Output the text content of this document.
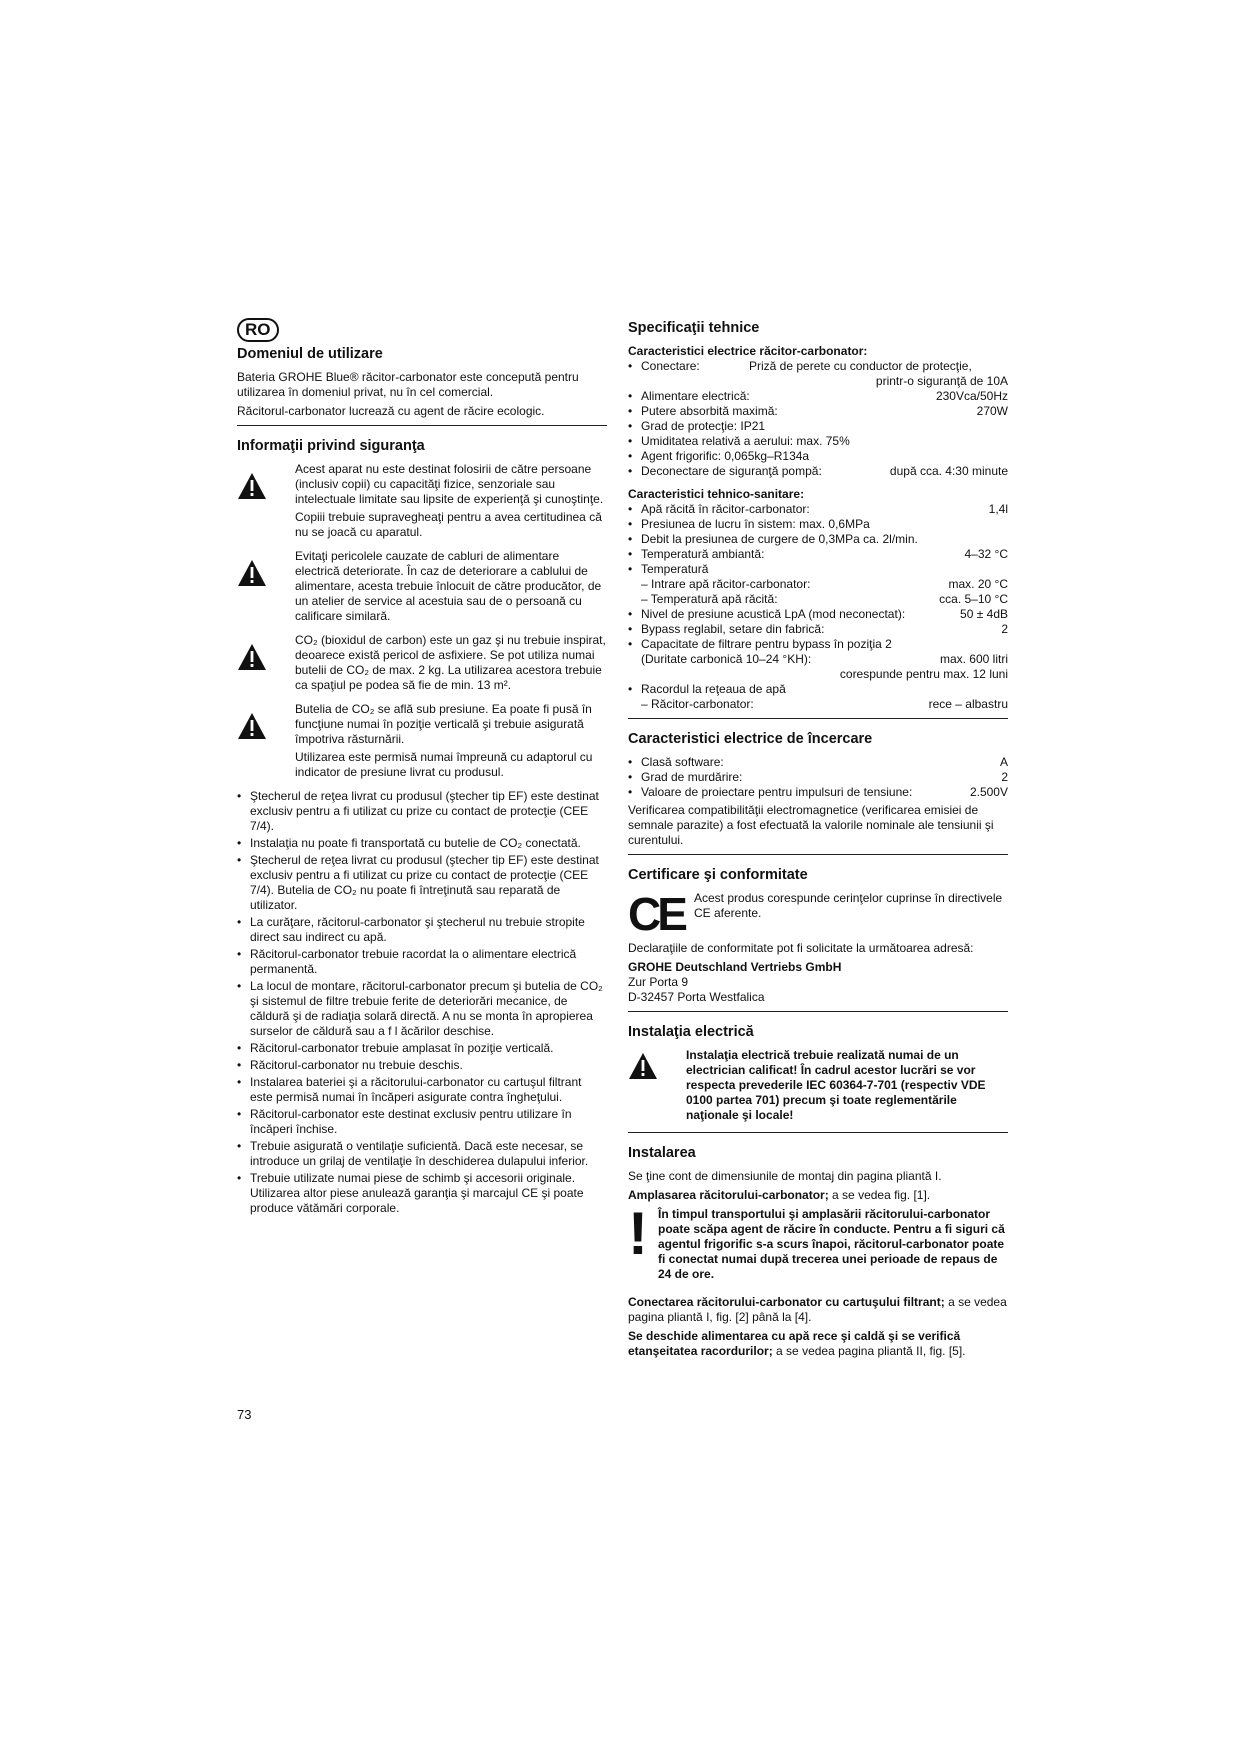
RO
Domeniul de utilizare

Bateria GROHE Blue® răcitor-carbonator este concepută pentru utilizarea în domeniul privat, nu în cel comercial.

Răcitorul-carbonator lucrează cu agent de răcire ecologic.

Informaţii privind siguranţa

Acest aparat nu este destinat folosirii de către persoane (inclusiv copii) cu capacităţi fizice, senzoriale sau intelectuale limitate sau lipsite de experienţă şi cunoştinţe.

Copiii trebuie supravegheaţi pentru a avea certitudinea că nu se joacă cu aparatul.

Evitaţi pericolele cauzate de cabluri de alimentare electrică deteriorate. În caz de deteriorare a cablului de alimentare, acesta trebuie înlocuit de către producător, de un atelier de service al acestuia sau de o persoană cu calificare similară.

CO₂ (bioxidul de carbon) este un gaz şi nu trebuie inspirat, deoarece există pericol de asfixiere. Se pot utiliza numai butelii de CO₂ de max. 2 kg. La utilizarea acestora trebuie ca spaţiul pe podea să fie de min. 13 m².

Butelia de CO₂ se află sub presiune. Ea poate fi pusă în funcţiune numai în poziţie verticală şi trebuie asigurată împotriva răsturnării.

Utilizarea este permisă numai împreună cu adaptorul cu indicator de presiune livrat cu produsul.

• Ştecherul de reţea livrat cu produsul (ştecher tip EF) este destinat exclusiv pentru a fi utilizat cu prize cu contact de protecţie (CEE 7/4).
• Instalaţia nu poate fi transportată cu butelie de CO₂ conectată.
• Ştecherul de reţea livrat cu produsul (ştecher tip EF) este destinat exclusiv pentru a fi utilizat cu prize cu contact de protecţie (CEE 7/4). Butelia de CO₂ nu poate fi întreţinută sau reparată de utilizator.
• La curăţare, răcitorul-carbonator şi ştecherul nu trebuie stropite direct sau indirect cu apă.
• Răcitorul-carbonator trebuie racordat la o alimentare electrică permanentă.
• La locul de montare, răcitorul-carbonator precum şi butelia de CO₂ şi sistemul de filtre trebuie ferite de deteriorări mecanice, de căldură şi de radiaţia solară directă. A nu se monta în apropierea surselor de căldură sau a f l ăcărilor deschise.
• Răcitorul-carbonator trebuie amplasat în poziţie verticală.
• Răcitorul-carbonator nu trebuie deschis.
• Instalarea bateriei şi a răcitorului-carbonator cu cartuşul filtrant este permisă numai în încăperi asigurate contra îngheţului.
• Răcitorul-carbonator este destinat exclusiv pentru utilizare în încăperi închise.
• Trebuie asigurată o ventilaţie suficientă. Dacă este necesar, se introduce un grilaj de ventilaţie în deschiderea dulapului inferior.
• Trebuie utilizate numai piese de schimb şi accesorii originale. Utilizarea altor piese anulează garanţia şi marcajul CE şi poate produce vătămări corporale.
Specificaţii tehnice
Caracteristici electrice răcitor-carbonator:
• Conectare:	Priză de perete cu conductor de protecţie,
printr-o siguranţă de 10A
• Alimentare electrică:	230Vca/50Hz
• Putere absorbită maximă:	270W
• Grad de protecţie: IP21
• Umiditatea relativă a aerului: max. 75%
• Agent frigorific: 0,065kg–R134a
• Deconectare de siguranţă pompă:	după cca. 4:30 minute
Caracteristici tehnico-sanitare:
• Apă răcită în răcitor-carbonator:	1,4l
• Presiunea de lucru în sistem: max. 0,6MPa
• Debit la presiunea de curgere de 0,3MPa ca. 2l/min.
• Temperatură ambiantă:	4–32 °C
• Temperatură
– Intrare apă răcitor-carbonator:	max. 20 °C
– Temperatură apă răcită:	cca. 5–10 °C
• Nivel de presiune acustică LpA (mod neconectat):	50 ± 4dB
• Bypass reglabil, setare din fabrică:	2
• Capacitate de filtrare pentru bypass în poziţia 2
(Duritate carbonică 10–24 °KH):	max. 600 litri
corespunde pentru max. 12 luni
• Racordul la reţeaua de apă
– Răcitor-carbonator:	rece – albastru
Caracteristici electrice de încercare
• Clasă software:	A
• Grad de murdărire:	2
• Valoare de proiectare pentru impulsuri de tensiune:	2.500V

Verificarea compatibilităţii electromagnetice (verificarea emisiei de semnale parazite) a fost efectuată la valorile nominale ale tensiunii şi curentului.

Certificare şi conformitate
CE Acest produs corespunde cerinţelor cuprinse în directivele CE aferente.

Declaraţiile de conformitate pot fi solicitate la următoarea adresă:

GROHE Deutschland Vertriebs GmbH

Zur Porta 9

D-32457 Porta Westfalica

Instalaţia electrică

Instalaţia electrică trebuie realizată numai de un electrician calificat! În cadrul acestor lucrări se vor respecta prevederile IEC 60364-7-701 (respectiv VDE 0100 partea 701) precum şi toate reglementările naţionale şi locale!

Instalarea

Se ţine cont de dimensiunile de montaj din pagina pliantă I.

Amplasarea răcitorului-carbonator; a se vedea fig. [1].

! În timpul transportului şi amplasării răcitorului-carbonator poate scăpa agent de răcire în conducte. Pentru a fi siguri că agentul frigorific s-a scurs înapoi, răcitorul-carbonator poate fi conectat numai după trecerea unei perioade de repaus de 24 de ore.

Conectarea răcitorului-carbonator cu cartuşului filtrant; a se vedea pagina pliantă I, fig. [2] până la [4].

Se deschide alimentarea cu apă rece şi caldă şi se verifică etanşeitatea racordurilor; a se vedea pagina pliantă II, fig. [5].

73
